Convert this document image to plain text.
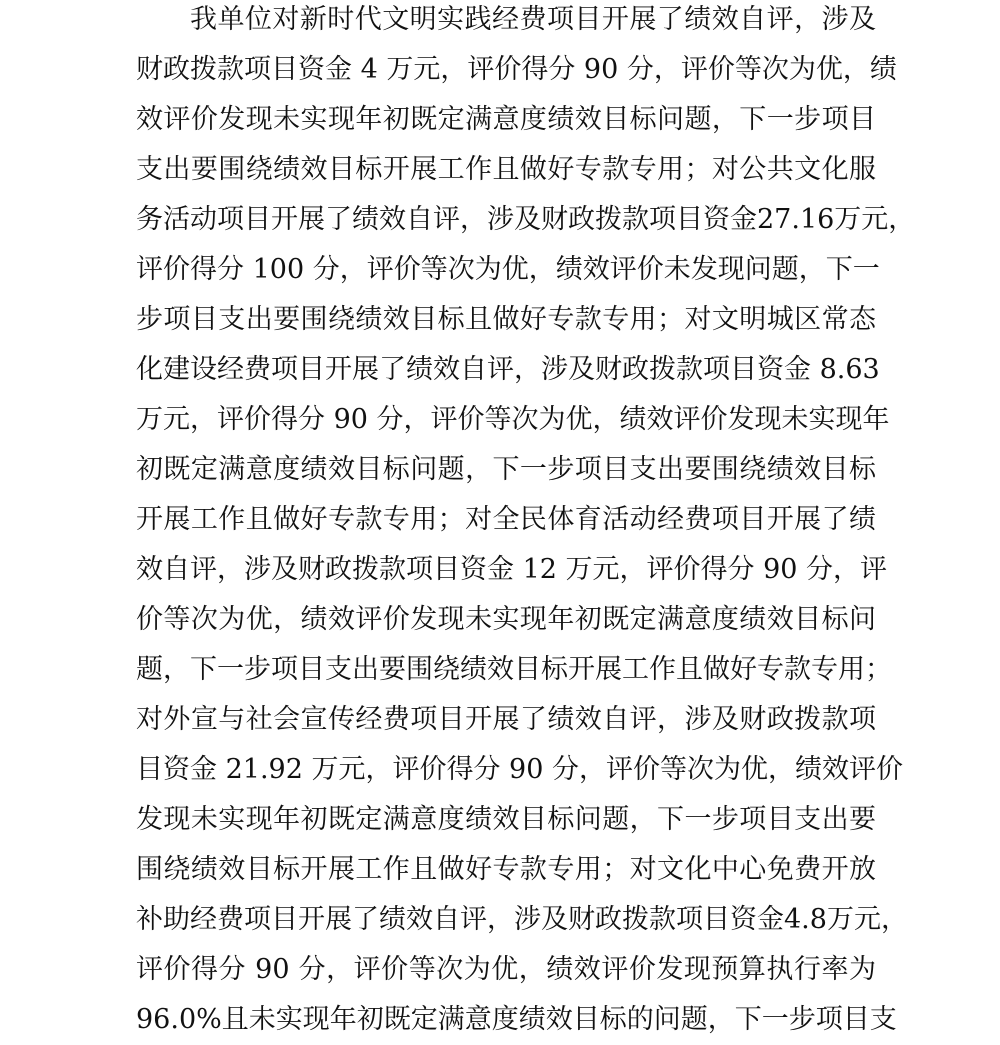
我单位对新时代文明实践经费项目开展了绩效自评，涉及
财政拨款项目资金 4 万元，评价得分 90 分，评价等次为优，绩
效评价发现未实现年初既定满意度绩效目标问题，下一步项目
支出要围绕绩效目标开展工作且做好专款专用；对公共文化服
务活动项目开展了绩效自评，涉及财政拨款项目资金27.16万元，
评价得分 100 分，评价等次为优，绩效评价未发现问题，下一
步项目支出要围绕绩效目标且做好专款专用；对文明城区常态
化建设经费项目开展了绩效自评，涉及财政拨款项目资金 8.63
万元，评价得分 90 分，评价等次为优，绩效评价发现未实现年
初既定满意度绩效目标问题，下一步项目支出要围绕绩效目标
开展工作且做好专款专用；对全民体育活动经费项目开展了绩
效自评，涉及财政拨款项目资金 12 万元，评价得分 90 分，评
价等次为优，绩效评价发现未实现年初既定满意度绩效目标问
题，下一步项目支出要围绕绩效目标开展工作且做好专款专用；
对外宣与社会宣传经费项目开展了绩效自评，涉及财政拨款项
目资金 21.92 万元，评价得分 90 分，评价等次为优，绩效评价
发现未实现年初既定满意度绩效目标问题，下一步项目支出要
围绕绩效目标开展工作且做好专款专用；对文化中心免费开放
补助经费项目开展了绩效自评，涉及财政拨款项目资金4.8万元，
评价得分 90 分，评价等次为优，绩效评价发现预算执行率为
96.0%且未实现年初既定满意度绩效目标的问题，下一步项目支
